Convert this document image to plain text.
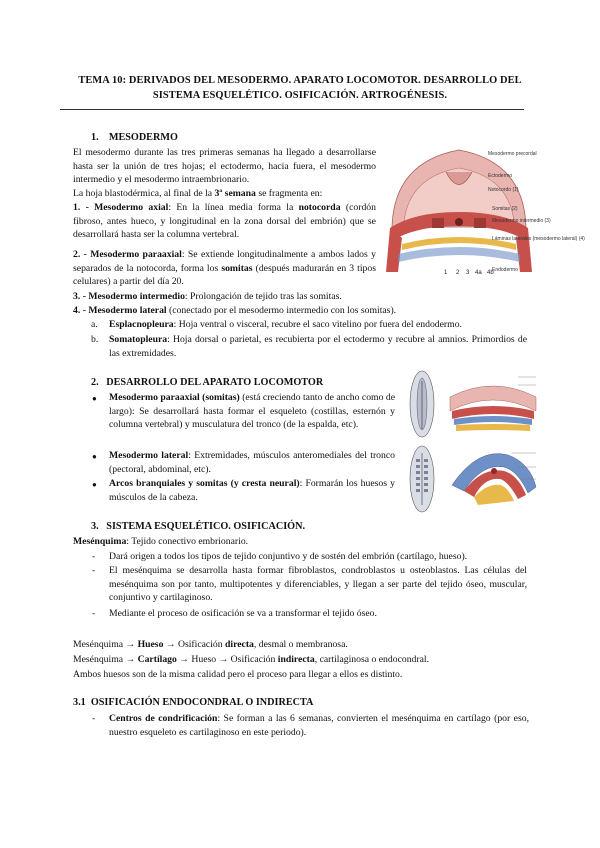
TEMA 10: DERIVADOS DEL MESODERMO. APARATO LOCOMOTOR. DESARROLLO DEL
SISTEMA ESQUELÉTICO. OSIFICACIÓN. ARTROGÉNESIS.
1. MESODERMO
El mesodermo durante las tres primeras semanas ha llegado a desarrollarse hasta ser la unión de tres hojas; el ectodermo, hacia fuera, el mesodermo intermedio y el mesodermo intraembrionario.
La hoja blastodérmica, al final de la 3ª semana se fragmenta en:
1. - Mesodermo axial: En la línea media forma la notocorda (cordón fibroso, antes hueco, y longitudinal en la zona dorsal del embrión) que se desarrollará hasta ser la columna vertebral.
2. - Mesodermo paraaxial: Se extiende longitudinalmente a ambos lados y separados de la notocorda, forma los somitas (después madurarán en 3 tipos celulares) a partir del día 20.
3. - Mesodermo intermedio: Prolongación de tejido tras las somitas.
4. - Mesodermo lateral (conectado por el mesodermo intermedio con los somitas).
a. Esplacnopleura: Hoja ventral o visceral, recubre el saco vitelino por fuera del endodermo.
b. Somatopleura: Hoja dorsal o parietal, es recubierta por el ectodermo y recubre al amnios. Primordios de las extremidades.
Mesodermo precordal
Ectodermo
Notocordo (1)
Somitas (2)
Mesodermo intermedio (3)
Láminas laterales (mesodermo lateral) (4)
Endodermo
1 2 3 4a 4b
2. DESARROLLO DEL APARATO LOCOMOTOR
● Mesodermo paraaxial (somitas) (está creciendo tanto de ancho como de largo): Se desarrollará hasta formar el esqueleto (costillas, esternón y columna vertebral) y musculatura del tronco (de la espalda, etc).
● Mesodermo lateral: Extremidades, músculos anteromediales del tronco (pectoral, abdominal, etc).
● Arcos branquiales y somitas (y cresta neural): Formarán los huesos y músculos de la cabeza.
3. SISTEMA ESQUELÉTICO. OSIFICACIÓN.
Mesénquima: Tejido conectivo embrionario.
- Dará origen a todos los tipos de tejido conjuntivo y de sostén del embrión (cartílago, hueso).
- El mesénquima se desarrolla hasta formar fibroblastos, condroblastos u osteoblastos. Las células del mesénquima son por tanto, multipotentes y diferenciables, y llegan a ser parte del tejido óseo, muscular, conjuntivo y cartilaginoso.
- Mediante el proceso de osificación se va a transformar el tejido óseo.
Mesénquima → Hueso → Osificación directa, desmal o membranosa.
Mesénquima → Cartílago → Hueso → Osificación indirecta, cartilaginosa o endocondral.
Ambos huesos son de la misma calidad pero el proceso para llegar a ellos es distinto.
3.1 OSIFICACIÓN ENDOCONDRAL O INDIRECTA
- Centros de condrificación: Se forman a las 6 semanas, convierten el mesénquima en cartílago (por eso, nuestro esqueleto es cartilaginoso en este periodo).
